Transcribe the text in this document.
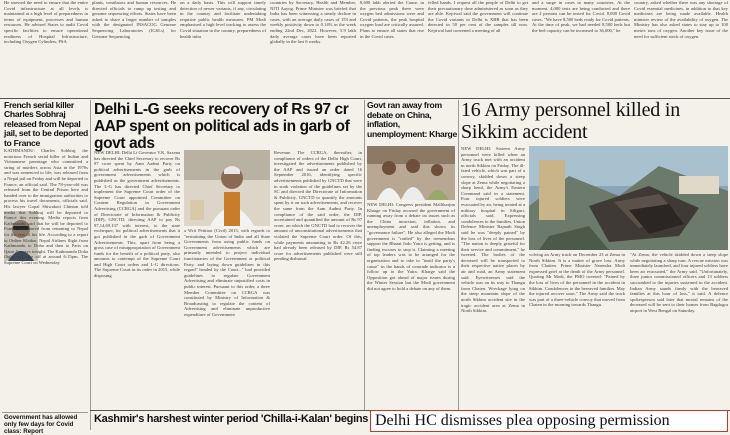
He stressed the need to ensure that the entire Covid infrastructure at all levels is maintained at a high level of preparedness in terms of equipment, processes and human resources. He advised States to audit Covid specific facilities to ensure operational readiness of Hospital Infrastructure, including Oxygen Cylinders, PSA
plants, ventilators and human resources. He directed officials to ramp up testing and genome sequencing efforts. States have been asked to share a larger number of samples with the designated INSACOG Genome Sequencing Laboratories (IGSLs) for Genome Sequencing
on a daily basis. This will support timely detection of newer variants, if any, circulating in the country and facilitate undertaking requisite public health measures. PM Modi emphasised a high level tracking to assess the Covid situation in the country, preparedness of health infra
countries by Secretary, Health and Member, NITI Aayog. Prime Minister was briefed that India has been witnessing a steady decline in cases, with an average daily cases of 153 and weekly positivity down to 0.14% in the week ending 22nd Dec, 2022. However, 5.9 lakh daily average cases have been reported globally in the last 6 weeks.
8,600 lakh alerted the Cause, in the previous peak there were oxygen bed admissions were and Covid patients, the peak hospital oxygen load are critically assured. Plans to ensure all states that rise in the Covid cases.
felled hands, I request all the people of Delhi to get their precautionary dose administered as soon as they are able. Kejriwal said the government will continue the Covid variants in Delhi is XBB that has been detected in 50 per cent of the samples till now. Kejriwal had convened a meeting of all
and a surge in cases in many countries. At the moment, 4,000 tests are being conducted and there are 2 persons can be tested for Covid. 8,000 Covid cases. "We have 8,500 beds ready for Covid patients. At the time of peak, we had needed 8,500 beds but the bed capacity can be increased to 36,000," he
country, asked whether there was any shortage of Covid essential medicines, in addition to that key medicines are being made available. Health minister review of the availability of oxygen. The Ministry has also asked states to stay up to 100 metric tons of oxygen. Another key issue of the need for sufficient stock of oxygen.
French serial killer Charles Sobhraj released from Nepal jail, set to be deported to France
KATHMANDU: Charles Sobhraj, the notorious French serial killer of Indian and Vietnamese parentage who committed a string of murders across Asia in the 1970s and was sentenced to life, was released from a Nepal jail on Friday and will be deported to France, an official said. The 78-year-old was released from the Central Prison here and handed over to the immigration authorities to process his travel documents, officials said. His lawyer Gopal Shiwakoti Chintan told media that Sobhraj will be deported to France this evening. Media reports from Kathmandu said that he will be deported to France and barred from returning to Nepal for the rest of his life. According to a report in Online Khabar, Nepal Airlines flight from Kathmandu to Doha and then to Paris on Qatar Airways tonight. The Kathmandu Doha flight will take off at around 6:15pm. The Supreme Court on Wednesday
Government has allowed only few days for Covid class: Report
Delhi L-G seeks recovery of Rs 97 cr AAP spent on political ads in garb of govt ads
NEW DELHI: Delhi Lt Governor V.K. Saxena has directed the Chief Secretary to recover Rs 97 crore spent by Aam Aadmi Party on political advertisements in the garb of government advertisements which is published as the government advertisements. The L-G has directed Chief Secretary to implement the Supreme Court order of the Supreme Court appointed Committee on Content Regulation in Government Advertising (CCRGA) and the pursuant order of Directorate of Information & Publicity (DIP), GNCTD, directing AAP to pay Rs 97,14,69,137 with interest, to the state exchequer, for political advertisements that it got published in the garb of Government Advertisements. This, apart from being a gross case of misappropriation of Government funds for the benefit of a political party, also amounts to contempt of the Supreme Court and High Court orders and L-G directions. The Supreme Court in its order in 2015, while disposing
a Writ Petition (Civil) 2013, with regards to "restraining the Union of India and all State Governments from using public funds on Government advertisements which are primarily intended to project individual functionaries of the Government or political Party, and laying down guidelines in this regard" headed by the Court..." had provided guidelines to regulate Government Advertising and eliminate unjustified costs in public interest. Pursuant to this order, a three Member Committee on CCRGA was constituted by Ministry of Information & Broadcasting to regulate the content of Advertising and eliminate unproductive expenditure of Government
Revenue. The CCRGA, thereafter, in compliance of orders of the Delhi High Court, investigated the advertisements published by the AAP and issued an order dated 16 September 2016, identifying specific advertisements published by GNCTD that were in stark violation of the guidelines set by the SC and directed the Directorate of Information & Publicity, GNCTD to quantify the amounts spent by it on such advertisements, and recover the same from the Aam Aadmi Party. In compliance of the said order, the DIP, ascertained and quantified the amount of Rs 97 crore, on which the GNCTD had to recover the amount of unconstitutional advertisements that violated the Supreme Court order. Of this, while payments amounting to Rs 42.26 crore had already been released by DIP, Rs 54.87 crore for advertisements published were still pending disbursal.
Govt ran away from debate on China, inflation, unemployment: Kharge
NEW DELHI: Congress president Mallikarjun Kharge on Friday accused the government of running away from a debate on issues such as the China incursion, inflation, and unemployment and said this shows its "governance failure". He also alleged the Modi government is "rattled" by the tremendous support the Bharat Jodo Yatra is getting, and is finding excuses to stop it. Claiming a meeting of top leaders was to be arranged for the organisation and to take to "instil the party's cause" in the hands of comrade indicator is a follow up to the Yatra. Kharge said the Opposition got ahead of major issues during the Winter Session but the Modi government did not agree to hold a debate on any of them.
16 Army personnel killed in Sikkim accident
NEW DELHI: Sixteen Army personnel were killed when an Army truck met with an accident in north Sikkim on Friday. The ill-fated vehicle, which was part of a convoy, skidded down a steep slope at Zema while negotiating a sharp bend, the Army's Eastern Command said in a statement. Four injured soldiers were evacuated by air, being treated at a military hospital in Siliguri, officials said. Expressing condolences to the families, Union Defence Minister Rajnath Singh said he was "deeply pained" by the loss of lives of the personnel. "The nation is deeply grateful for their service and commitment," he tweeted. The bodies of the deceased will be transported to their respective native places by air and road, an Army statement said. Eyewitnesses said the vehicle was on its way to Thangu from Chaten. Wreckage lying on the steep mountain slope of the north Sikkim accident site in the tragic accident area at Zema in North Sikkim.
volving an Army truck on December 23 at Zema in North Sikkim. It is a matter of grave loss. Army from Chatten. Prime Minister Narendra Modi expressed grief at the death of the Army personnel. Quoting Mr Modi, the PMO tweeted: "Pained by the loss of lives of the personnel in the accident in Sikkim. Condolences to the bereaved families. May the injured recover soon." The Army said the truck was part of a three-vehicle convoy that moved from Chaten in the morning towards Thangu.
"At Zema, the vehicle skidded down a steep slope while negotiating a sharp turn. A rescue mission was immediately launched, and four injured soldiers have been air evacuated," the Army said. "Unfortunately, three junior commissioned officers and 13 soldiers succumbed to the injuries sustained in the accident. Indian Army stands firmly with the bereaved families at this hour of loss," it said. A defence spokesperson said later that mortal remains of the deceased will be sent to their homes from Bagdogra airport in West Bengal on Saturday.
Kashmir's harshest winter period 'Chilla-i-Kalan' begins Delhi HC dismisses plea opposing permission
